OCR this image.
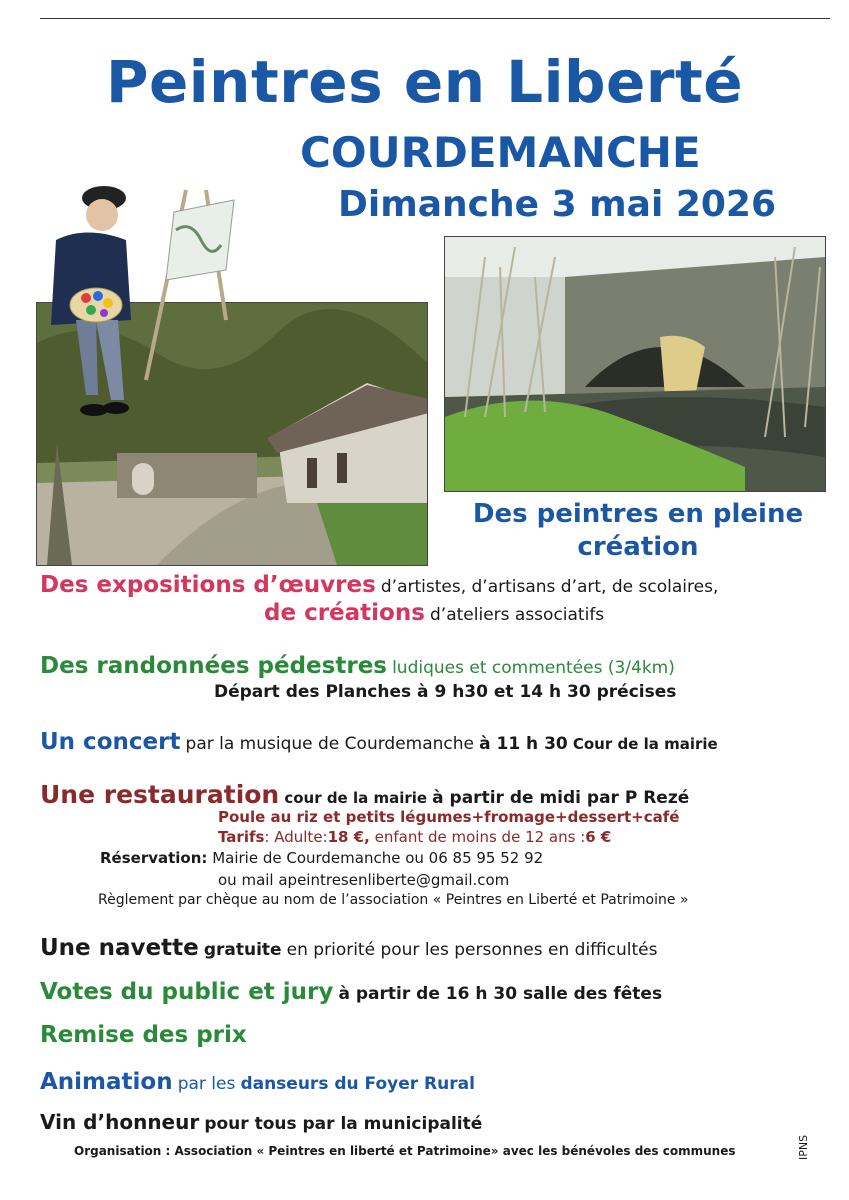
Peintres en Liberté
COURDEMANCHE
Dimanche 3 mai 2026
Des peintres en pleine
création
Des expositions d’œuvres d’artistes, d’artisans d’art, de scolaires,
de créations d’ateliers associatifs
Des randonnées pédestres ludiques et commentées (3/4km)
Départ des Planches à 9 h30 et 14 h 30 précises
Un concert par la musique de Courdemanche à 11 h 30 Cour de la mairie
Une restauration cour de la mairie à partir de midi par P Rezé
Poule au riz et petits légumes+fromage+dessert+café
Tarifs: Adulte:18 €, enfant de moins de 12 ans :6 €
Réservation: Mairie de Courdemanche ou 06 85 95 52 92
ou mail apeintresenliberte@gmail.com
Règlement par chèque au nom de l’association « Peintres en Liberté et Patrimoine »
Une navette gratuite en priorité pour les personnes en difficultés
Votes du public et jury à partir de 16 h 30 salle des fêtes
Remise des prix
Animation par les danseurs du Foyer Rural
Vin d’honneur pour tous par la municipalité
Organisation : Association « Peintres en liberté et Patrimoine» avec les bénévoles des communes	IPNS
